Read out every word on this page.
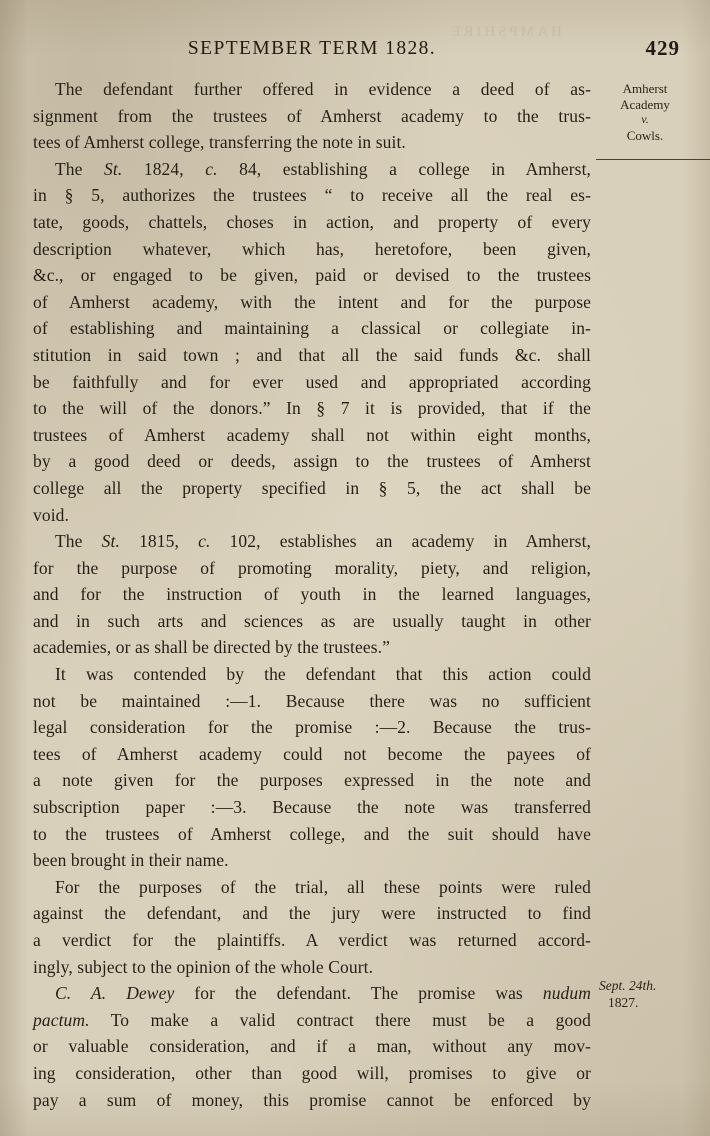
HAMPSHIRE
SEPTEMBER TERM 1828.	429
Amherst
Academy
v.
Cowls.
The defendant further offered in evidence a deed of as-
signment from the trustees of Amherst academy to the trus-
tees of Amherst college, transferring the note in suit.
The St. 1824, c. 84, establishing a college in Amherst,
in § 5, authorizes the trustees “ to receive all the real es-
tate, goods, chattels, choses in action, and property of every
description whatever, which has, heretofore, been given,
&c., or engaged to be given, paid or devised to the trustees
of Amherst academy, with the intent and for the purpose
of establishing and maintaining a classical or collegiate in-
stitution in said town ; and that all the said funds &c. shall
be faithfully and for ever used and appropriated according
to the will of the donors.” In § 7 it is provided, that if the
trustees of Amherst academy shall not within eight months,
by a good deed or deeds, assign to the trustees of Amherst
college all the property specified in § 5, the act shall be
void.
The St. 1815, c. 102, establishes an academy in Amherst,
for the purpose of promoting morality, piety, and religion,
and for the instruction of youth in the learned languages,
and in such arts and sciences as are usually taught in other
academies, or as shall be directed by the trustees.”
It was contended by the defendant that this action could
not be maintained :—1. Because there was no sufficient
legal consideration for the promise :—2. Because the trus-
tees of Amherst academy could not become the payees of
a note given for the purposes expressed in the note and
subscription paper :—3. Because the note was transferred
to the trustees of Amherst college, and the suit should have
been brought in their name.
For the purposes of the trial, all these points were ruled
against the defendant, and the jury were instructed to find
a verdict for the plaintiffs. A verdict was returned accord-
ingly, subject to the opinion of the whole Court.
C. A. Dewey for the defendant. The promise was nudum
pactum. To make a valid contract there must be a good
or valuable consideration, and if a man, without any mov-
ing consideration, other than good will, promises to give or
pay a sum of money, this promise cannot be enforced by
Sept. 24th.
1827.
